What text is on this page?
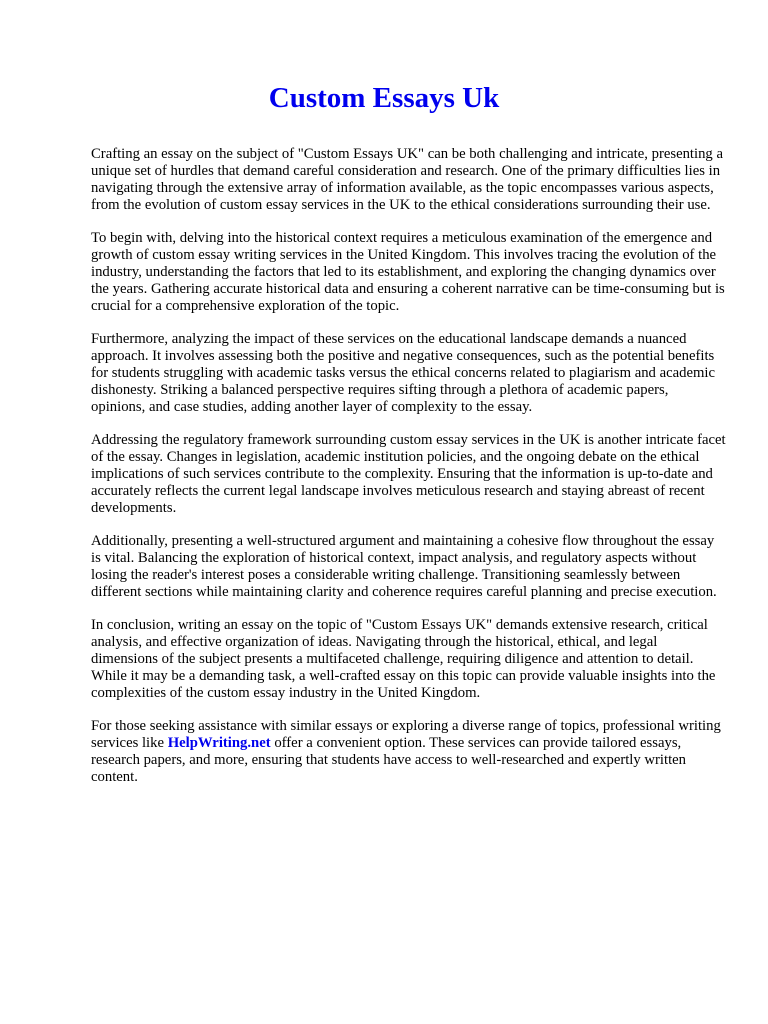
Custom Essays Uk

Crafting an essay on the subject of "Custom Essays UK" can be both challenging and intricate, presenting a unique set of hurdles that demand careful consideration and research. One of the primary difficulties lies in navigating through the extensive array of information available, as the topic encompasses various aspects, from the evolution of custom essay services in the UK to the ethical considerations surrounding their use.

To begin with, delving into the historical context requires a meticulous examination of the emergence and growth of custom essay writing services in the United Kingdom. This involves tracing the evolution of the industry, understanding the factors that led to its establishment, and exploring the changing dynamics over the years. Gathering accurate historical data and ensuring a coherent narrative can be time-consuming but is crucial for a comprehensive exploration of the topic.

Furthermore, analyzing the impact of these services on the educational landscape demands a nuanced approach. It involves assessing both the positive and negative consequences, such as the potential benefits for students struggling with academic tasks versus the ethical concerns related to plagiarism and academic dishonesty. Striking a balanced perspective requires sifting through a plethora of academic papers, opinions, and case studies, adding another layer of complexity to the essay.

Addressing the regulatory framework surrounding custom essay services in the UK is another intricate facet of the essay. Changes in legislation, academic institution policies, and the ongoing debate on the ethical implications of such services contribute to the complexity. Ensuring that the information is up-to-date and accurately reflects the current legal landscape involves meticulous research and staying abreast of recent developments.

Additionally, presenting a well-structured argument and maintaining a cohesive flow throughout the essay is vital. Balancing the exploration of historical context, impact analysis, and regulatory aspects without losing the reader's interest poses a considerable writing challenge. Transitioning seamlessly between different sections while maintaining clarity and coherence requires careful planning and precise execution.

In conclusion, writing an essay on the topic of "Custom Essays UK" demands extensive research, critical analysis, and effective organization of ideas. Navigating through the historical, ethical, and legal dimensions of the subject presents a multifaceted challenge, requiring diligence and attention to detail. While it may be a demanding task, a well-crafted essay on this topic can provide valuable insights into the complexities of the custom essay industry in the United Kingdom.

For those seeking assistance with similar essays or exploring a diverse range of topics, professional writing services like HelpWriting.net offer a convenient option. These services can provide tailored essays, research papers, and more, ensuring that students have access to well-researched and expertly written content.
